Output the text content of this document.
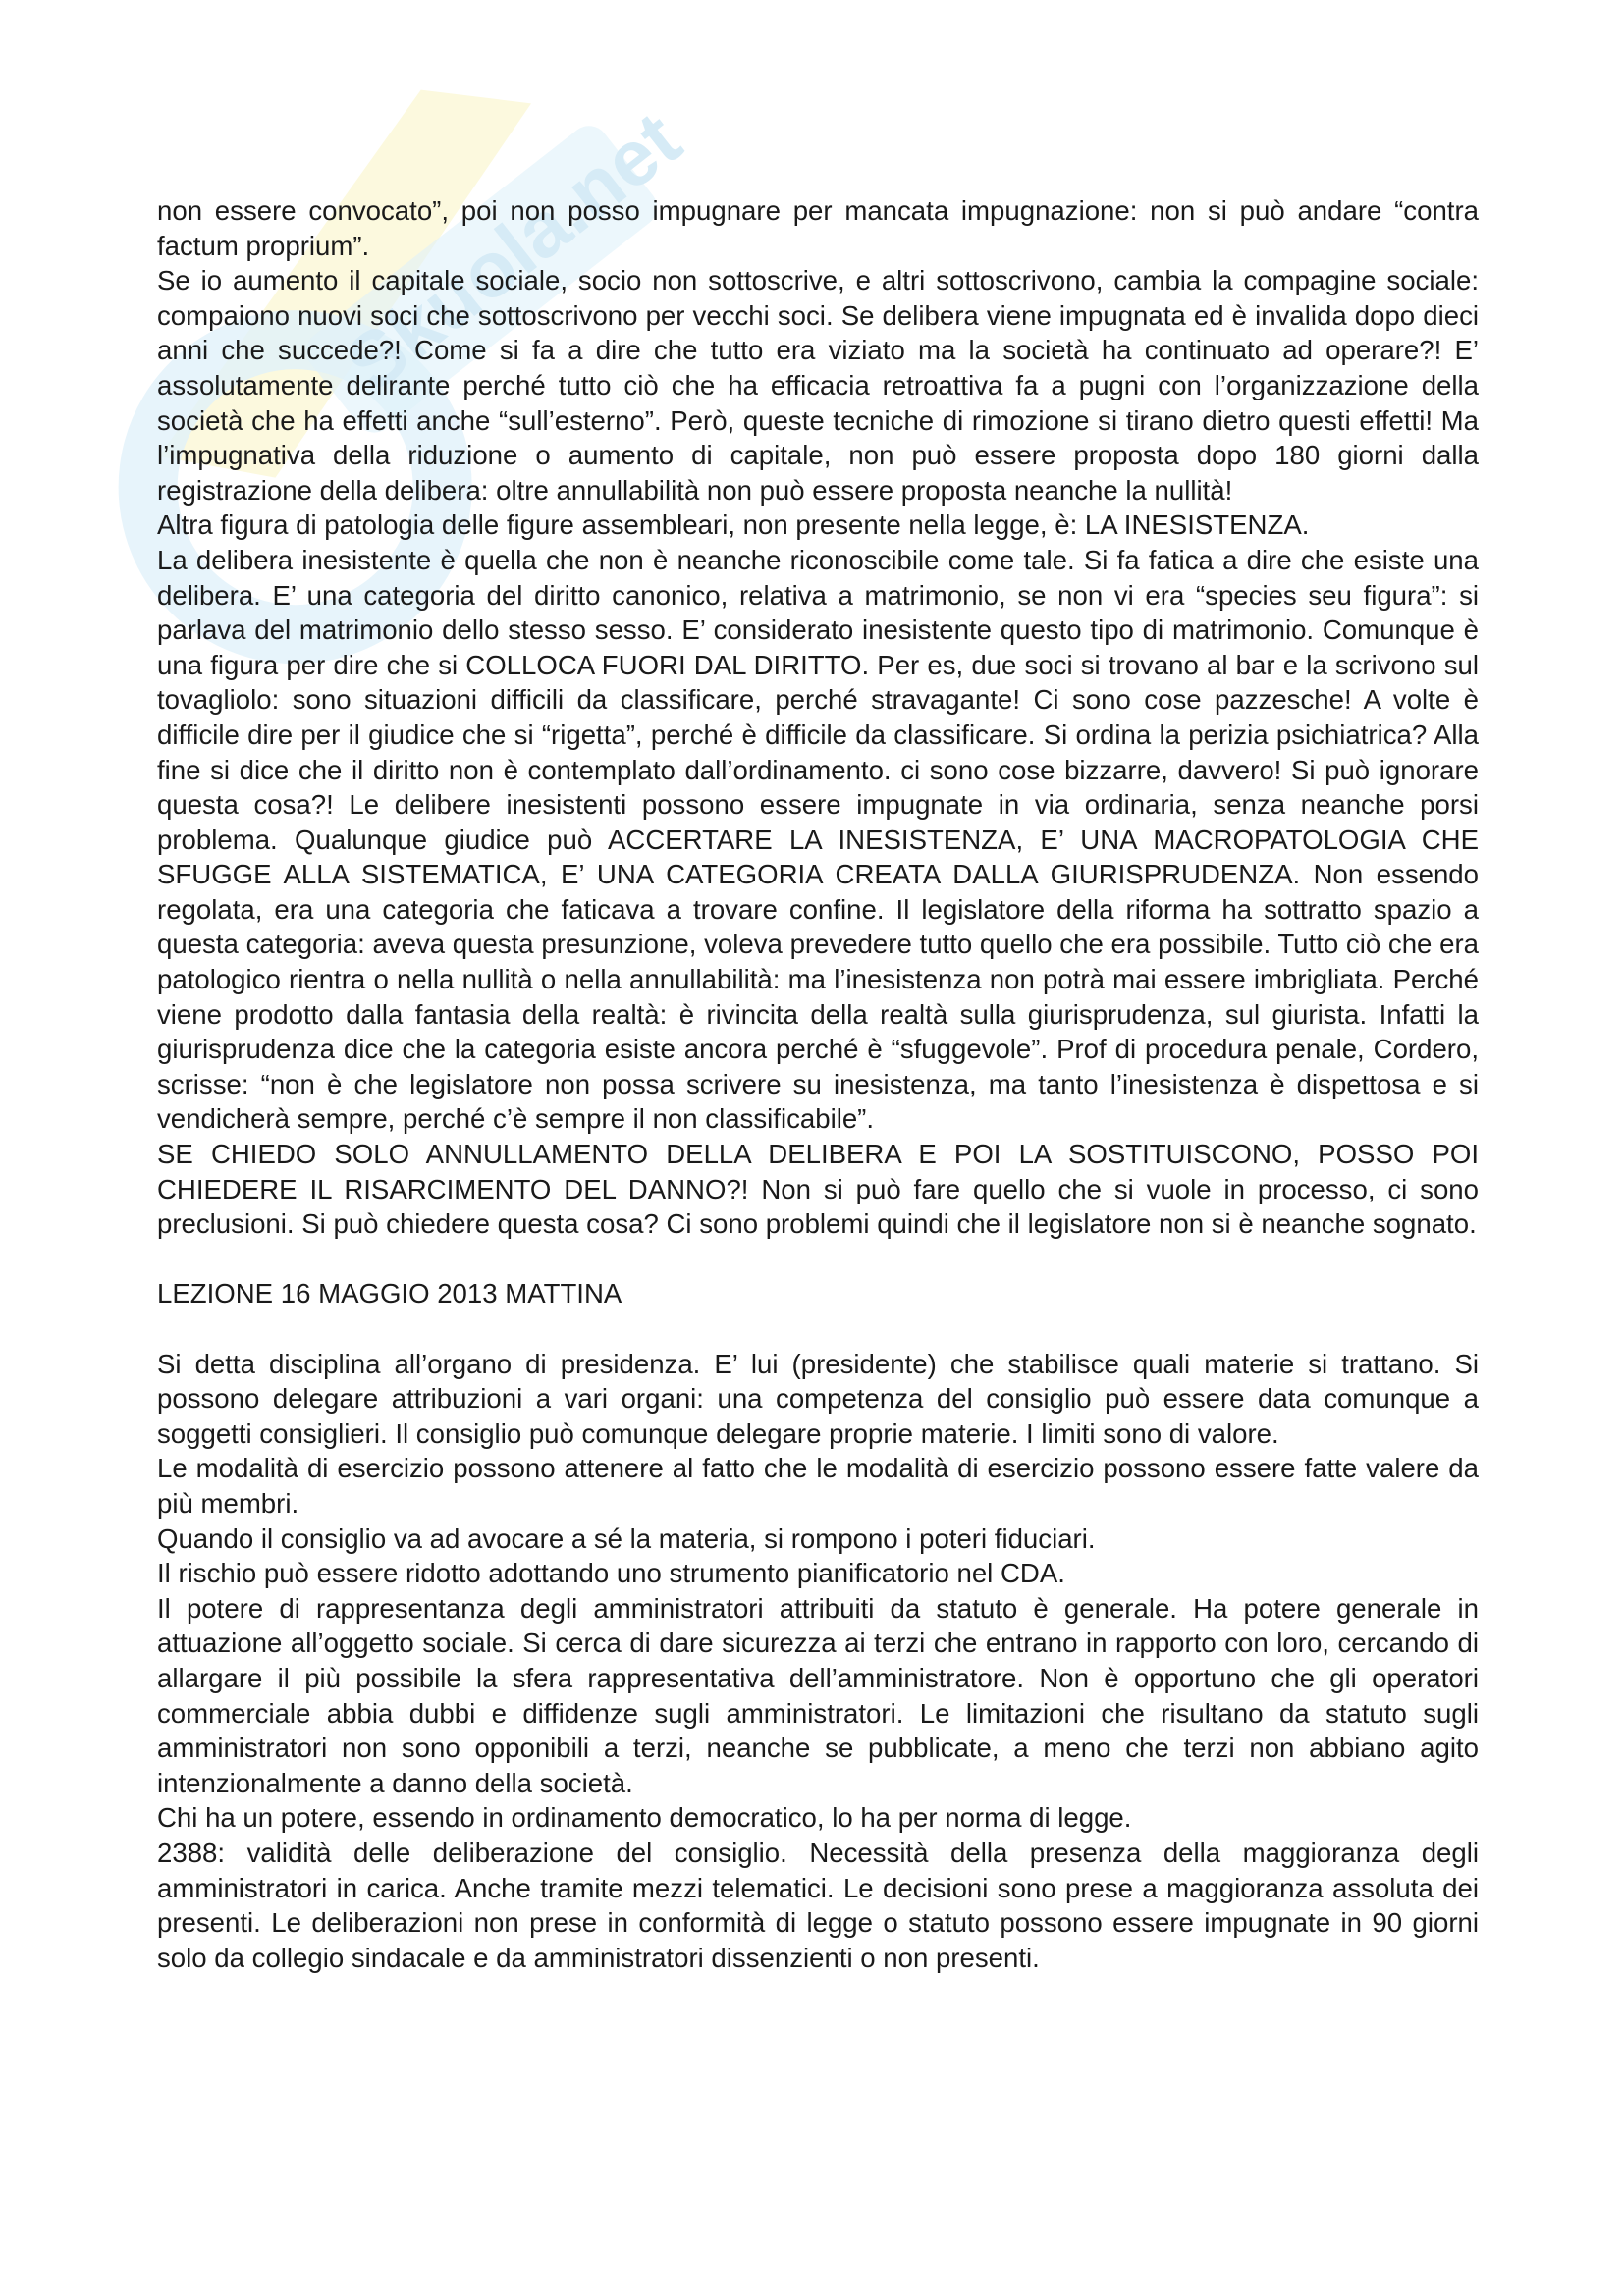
Skuola.net

non essere convocato”, poi non posso impugnare per mancata impugnazione: non si può andare “contra factum proprium”.

Se io aumento il capitale sociale, socio non sottoscrive, e altri sottoscrivono, cambia la compagine sociale: compaiono nuovi soci che sottoscrivono per vecchi soci. Se delibera viene impugnata ed è invalida dopo dieci anni che succede?! Come si fa a dire che tutto era viziato ma la società ha continuato ad operare?! E’ assolutamente delirante perché tutto ciò che ha efficacia retroattiva fa a pugni con l’organizzazione della società che ha effetti anche “sull’esterno”. Però, queste tecniche di rimozione si tirano dietro questi effetti! Ma l’impugnativa della riduzione o aumento di capitale, non può essere proposta dopo 180 giorni dalla registrazione della delibera: oltre annullabilità non può essere proposta neanche la nullità!

Altra figura di patologia delle figure assembleari, non presente nella legge, è: LA INESISTENZA.

La delibera inesistente è quella che non è neanche riconoscibile come tale. Si fa fatica a dire che esiste una delibera. E’ una categoria del diritto canonico, relativa a matrimonio, se non vi era “species seu figura”: si parlava del matrimonio dello stesso sesso. E’ considerato inesistente questo tipo di matrimonio. Comunque è una figura per dire che si COLLOCA FUORI DAL DIRITTO. Per es, due soci si trovano al bar e la scrivono sul tovagliolo: sono situazioni difficili da classificare, perché stravagante! Ci sono cose pazzesche! A volte è difficile dire per il giudice che si “rigetta”, perché è difficile da classificare. Si ordina la perizia psichiatrica? Alla fine si dice che il diritto non è contemplato dall’ordinamento. ci sono cose bizzarre, davvero! Si può ignorare questa cosa?! Le delibere inesistenti possono essere impugnate in via ordinaria, senza neanche porsi problema. Qualunque giudice può ACCERTARE LA INESISTENZA, E’ UNA MACROPATOLOGIA CHE SFUGGE ALLA SISTEMATICA, E’ UNA CATEGORIA CREATA DALLA GIURISPRUDENZA. Non essendo regolata, era una categoria che faticava a trovare confine. Il legislatore della riforma ha sottratto spazio a questa categoria: aveva questa presunzione, voleva prevedere tutto quello che era possibile. Tutto ciò che era patologico rientra o nella nullità o nella annullabilità: ma l’inesistenza non potrà mai essere imbrigliata. Perché viene prodotto dalla fantasia della realtà: è rivincita della realtà sulla giurisprudenza, sul giurista. Infatti la giurisprudenza dice che la categoria esiste ancora perché è “sfuggevole”. Prof di procedura penale, Cordero, scrisse: “non è che legislatore non possa scrivere su inesistenza, ma tanto l’inesistenza è dispettosa e si vendicherà sempre, perché c’è sempre il non classificabile”.

SE CHIEDO SOLO ANNULLAMENTO DELLA DELIBERA E POI LA SOSTITUISCONO, POSSO POI CHIEDERE IL RISARCIMENTO DEL DANNO?! Non si può fare quello che si vuole in processo, ci sono preclusioni. Si può chiedere questa cosa? Ci sono problemi quindi che il legislatore non si è neanche sognato.

LEZIONE 16 MAGGIO 2013 MATTINA

Si detta disciplina all’organo di presidenza. E’ lui (presidente) che stabilisce quali materie si trattano. Si possono delegare attribuzioni a vari organi: una competenza del consiglio può essere data comunque a soggetti consiglieri. Il consiglio può comunque delegare proprie materie. I limiti sono di valore.

Le modalità di esercizio possono attenere al fatto che le modalità di esercizio possono essere fatte valere da più membri.

Quando il consiglio va ad avocare a sé la materia, si rompono i poteri fiduciari.

Il rischio può essere ridotto adottando uno strumento pianificatorio nel CDA.

Il potere di rappresentanza degli amministratori attribuiti da statuto è generale. Ha potere generale in attuazione all’oggetto sociale. Si cerca di dare sicurezza ai terzi che entrano in rapporto con loro, cercando di allargare il più possibile la sfera rappresentativa dell’amministratore. Non è opportuno che gli operatori commerciale abbia dubbi e diffidenze sugli amministratori. Le limitazioni che risultano da statuto sugli amministratori non sono opponibili a terzi, neanche se pubblicate, a meno che terzi non abbiano agito intenzionalmente a danno della società.

Chi ha un potere, essendo in ordinamento democratico, lo ha per norma di legge.

2388: validità delle deliberazione del consiglio. Necessità della presenza della maggioranza degli amministratori in carica. Anche tramite mezzi telematici. Le decisioni sono prese a maggioranza assoluta dei presenti. Le deliberazioni non prese in conformità di legge o statuto possono essere impugnate in 90 giorni solo da collegio sindacale e da amministratori dissenzienti o non presenti.
